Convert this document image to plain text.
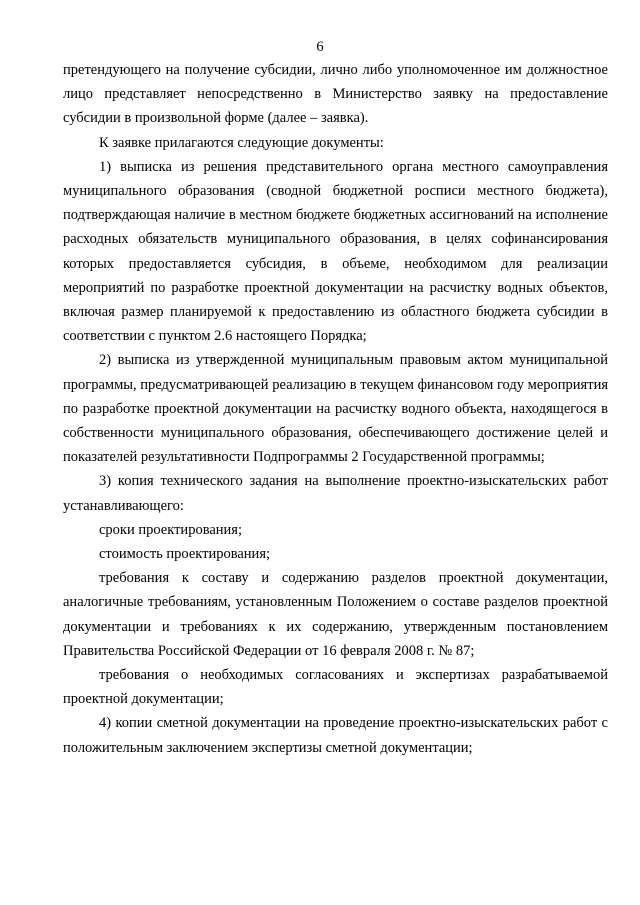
6

претендующего на получение субсидии, лично либо уполномоченное им должностное лицо представляет непосредственно в Министерство заявку на предоставление субсидии в произвольной форме (далее – заявка).

К заявке прилагаются следующие документы:

1) выписка из решения представительного органа местного самоуправления муниципального образования (сводной бюджетной росписи местного бюджета), подтверждающая наличие в местном бюджете бюджетных ассигнований на исполнение расходных обязательств муниципального образования, в целях софинансирования которых предоставляется субсидия, в объеме, необходимом для реализации мероприятий по разработке проектной документации на расчистку водных объектов, включая размер планируемой к предоставлению из областного бюджета субсидии в соответствии с пунктом 2.6 настоящего Порядка;

2) выписка из утвержденной муниципальным правовым актом муниципальной программы, предусматривающей реализацию в текущем финансовом году мероприятия по разработке проектной документации на расчистку водного объекта, находящегося в собственности муниципального образования, обеспечивающего достижение целей и показателей результативности Подпрограммы 2 Государственной программы;

3) копия технического задания на выполнение проектно-изыскательских работ устанавливающего:

сроки проектирования;

стоимость проектирования;

требования к составу и содержанию разделов проектной документации, аналогичные требованиям, установленным Положением о составе разделов проектной документации и требованиях к их содержанию, утвержденным постановлением Правительства Российской Федерации от 16 февраля 2008 г. № 87;

требования о необходимых согласованиях и экспертизах разрабатываемой проектной документации;

4) копии сметной документации на проведение проектно-изыскательских работ с положительным заключением экспертизы сметной документации;
